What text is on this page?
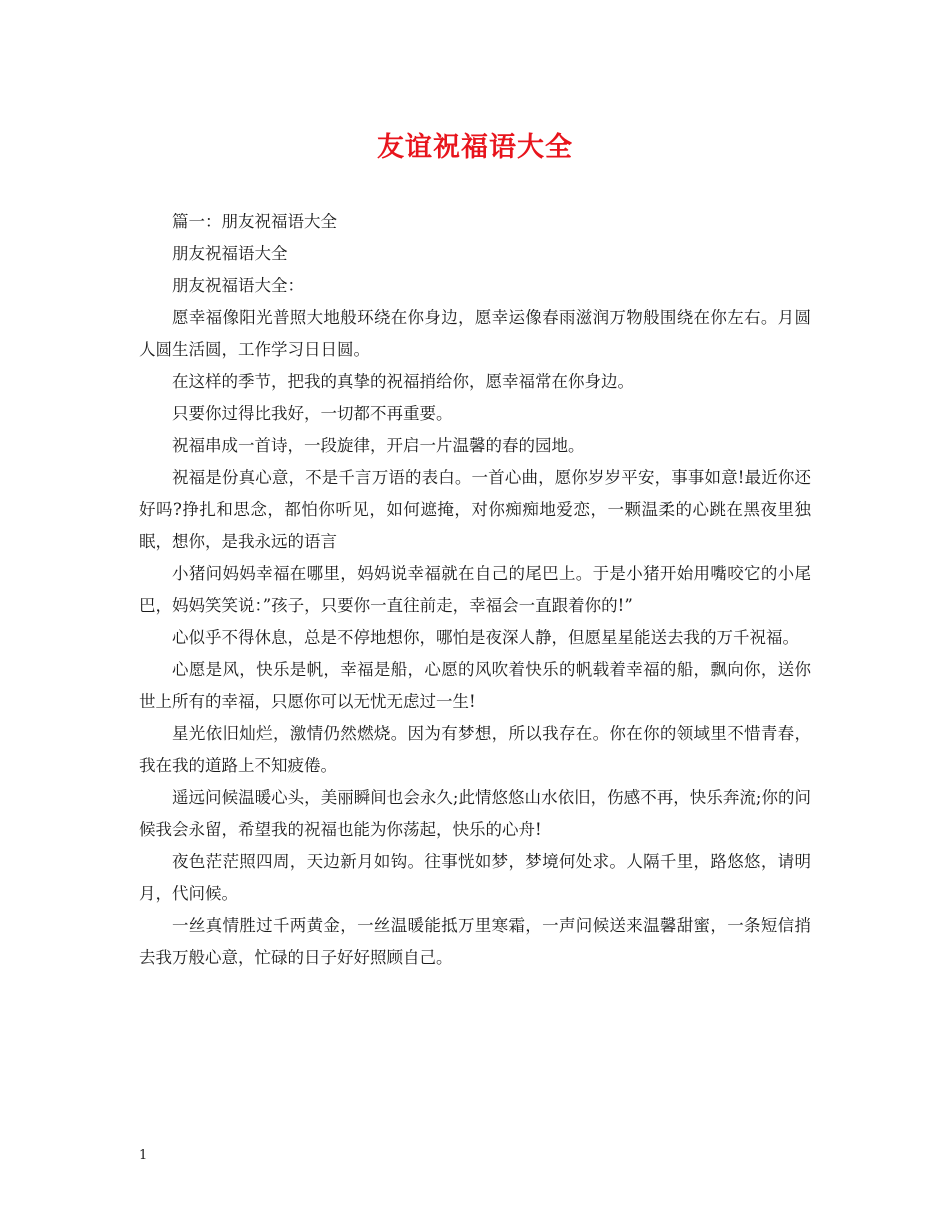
友谊祝福语大全

篇一：朋友祝福语大全

朋友祝福语大全

朋友祝福语大全：

愿幸福像阳光普照大地般环绕在你身边，愿幸运像春雨滋润万物般围绕在你左右。月圆人圆生活圆，工作学习日日圆。

在这样的季节，把我的真挚的祝福捎给你，愿幸福常在你身边。

只要你过得比我好，一切都不再重要。

祝福串成一首诗，一段旋律，开启一片温馨的春的园地。

祝福是份真心意，不是千言万语的表白。一首心曲，愿你岁岁平安，事事如意!最近你还好吗?挣扎和思念，都怕你听见，如何遮掩，对你痴痴地爱恋，一颗温柔的心跳在黑夜里独眠，想你，是我永远的语言

小猪问妈妈幸福在哪里，妈妈说幸福就在自己的尾巴上。于是小猪开始用嘴咬它的小尾巴，妈妈笑笑说：”孩子，只要你一直往前走，幸福会一直跟着你的!”

心似乎不得休息，总是不停地想你，哪怕是夜深人静，但愿星星能送去我的万千祝福。

心愿是风，快乐是帆，幸福是船，心愿的风吹着快乐的帆载着幸福的船，飘向你，送你世上所有的幸福，只愿你可以无忧无虑过一生!

星光依旧灿烂，激情仍然燃烧。因为有梦想，所以我存在。你在你的领域里不惜青春，我在我的道路上不知疲倦。

遥远问候温暖心头，美丽瞬间也会永久;此情悠悠山水依旧，伤感不再，快乐奔流;你的问候我会永留，希望我的祝福也能为你荡起，快乐的心舟!

夜色茫茫照四周，天边新月如钩。往事恍如梦，梦境何处求。人隔千里，路悠悠，请明月，代问候。

一丝真情胜过千两黄金，一丝温暖能抵万里寒霜，一声问候送来温馨甜蜜，一条短信捎去我万般心意，忙碌的日子好好照顾自己。

1
